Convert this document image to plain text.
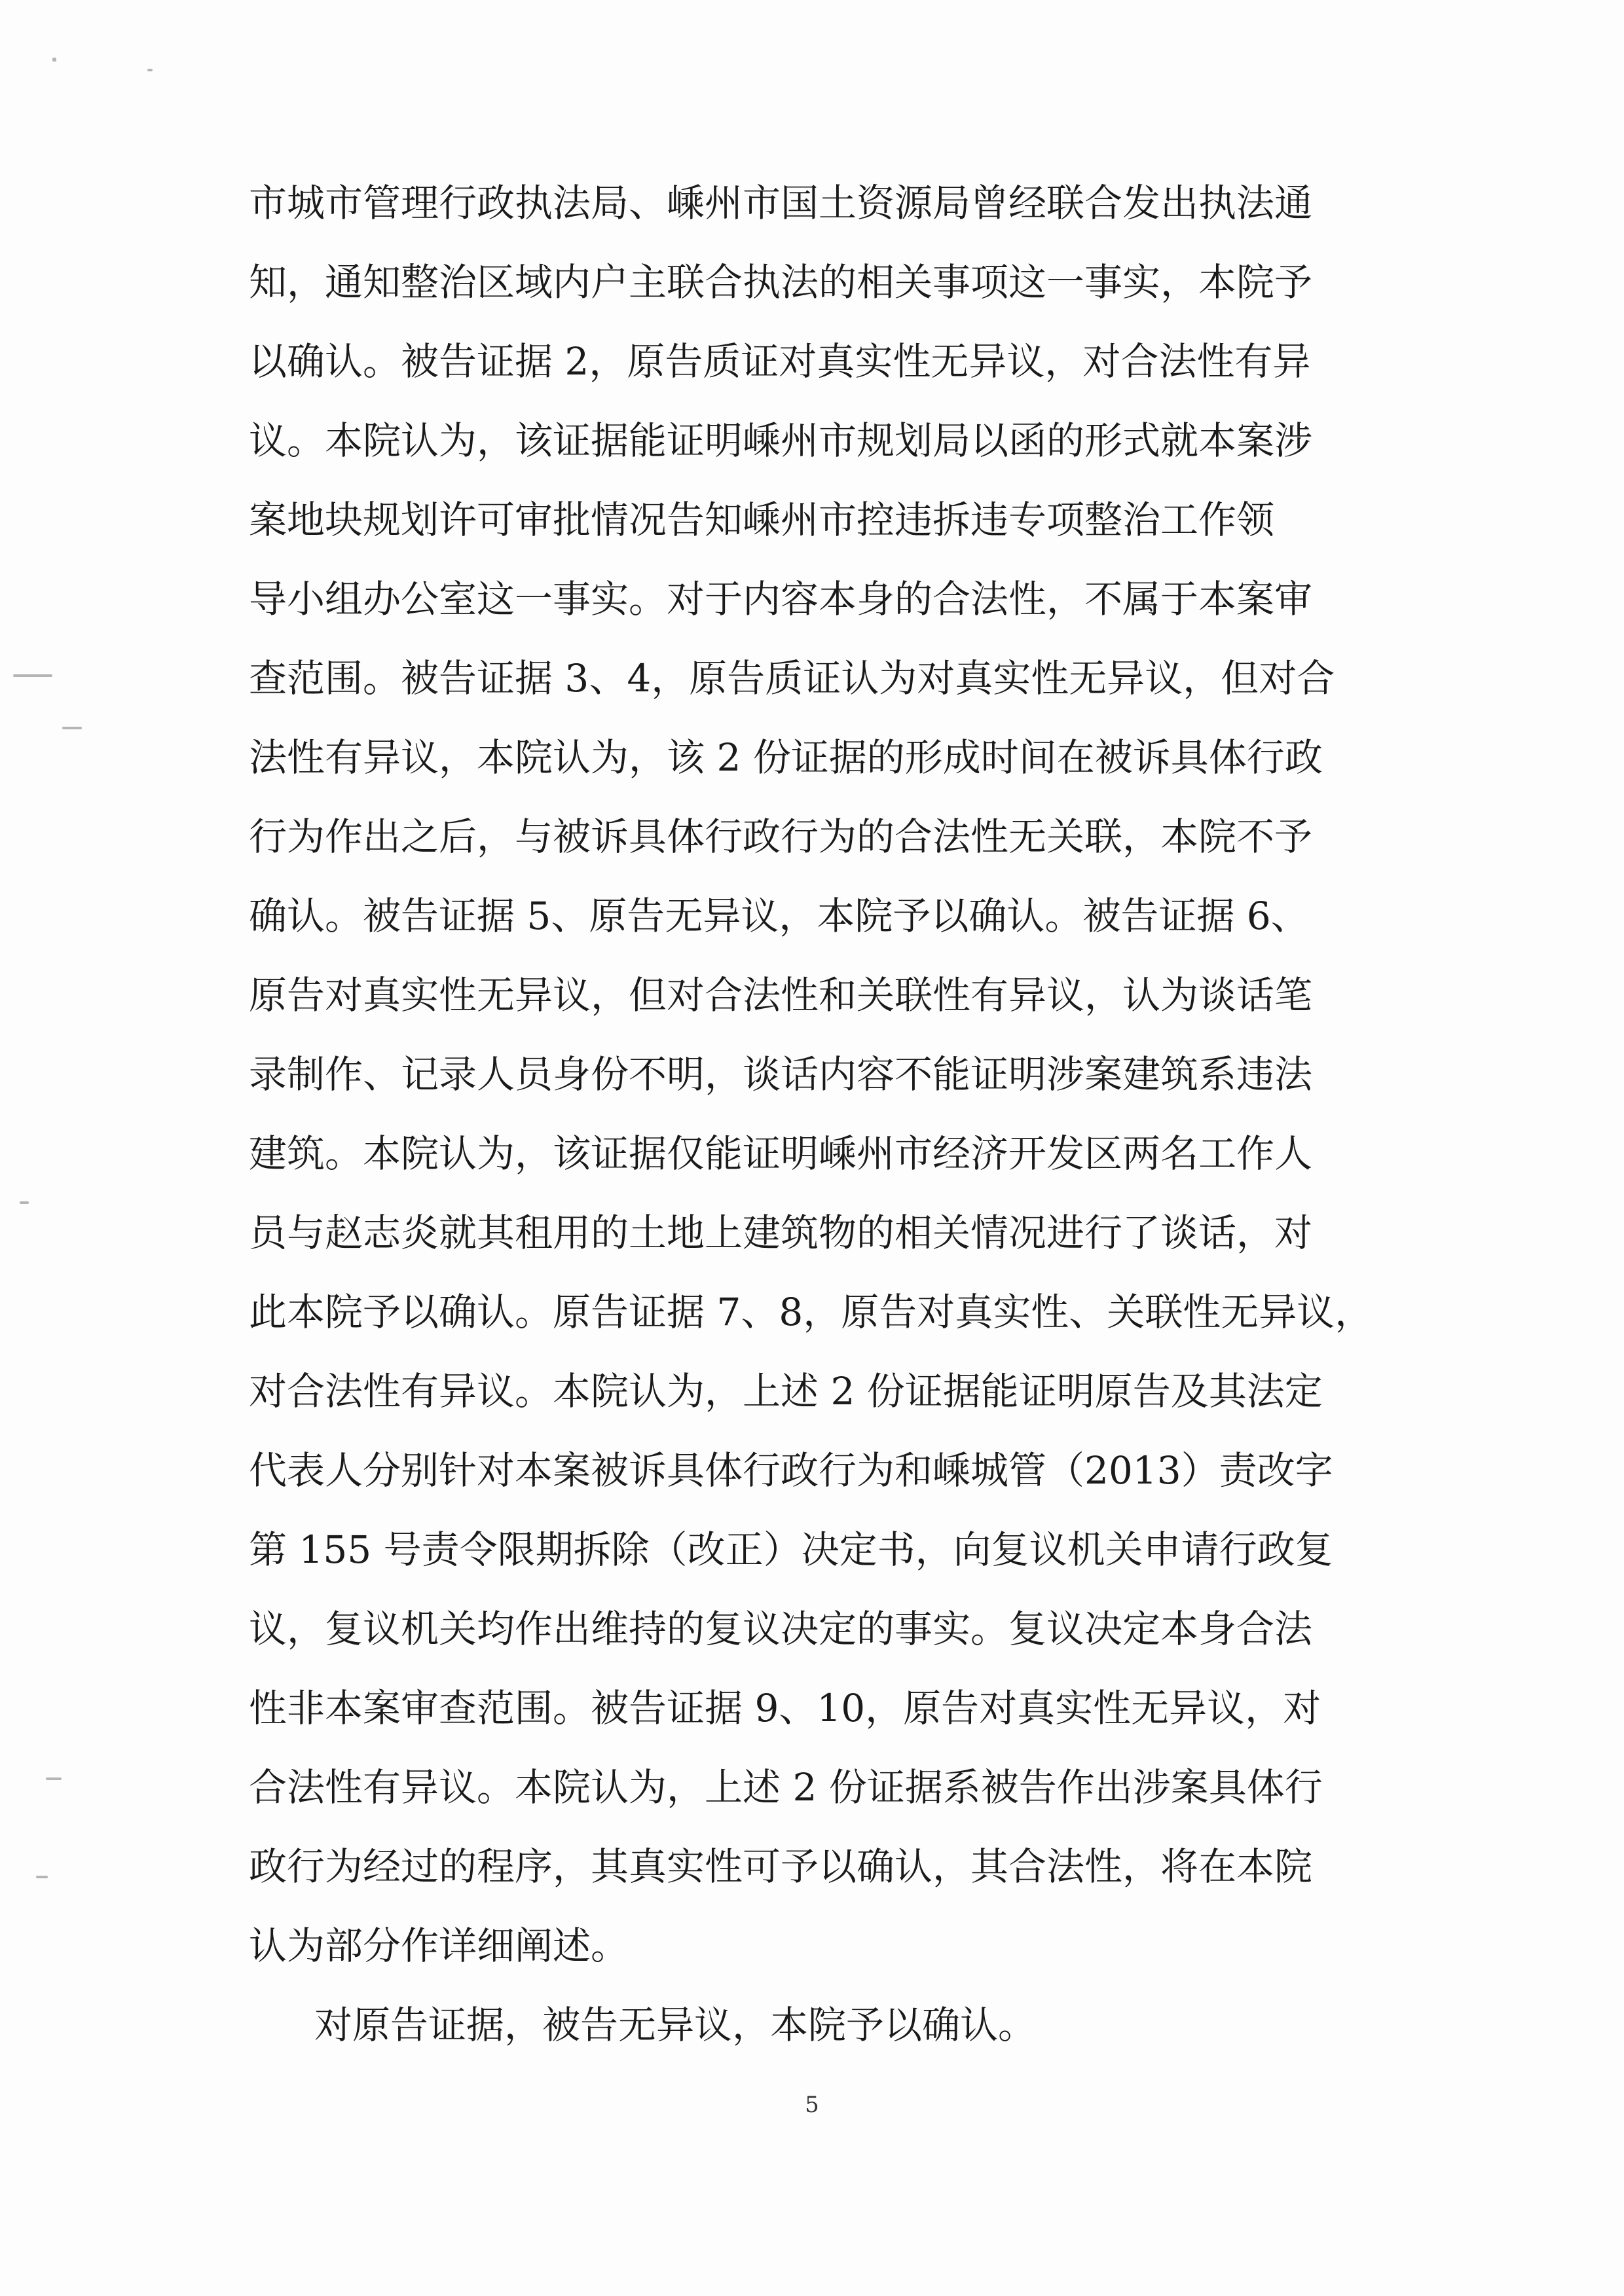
市城市管理行政执法局、嵊州市国土资源局曾经联合发出执法通
知，通知整治区域内户主联合执法的相关事项这一事实，本院予
以确认。被告证据 2，原告质证对真实性无异议，对合法性有异
议。本院认为，该证据能证明嵊州市规划局以函的形式就本案涉
案地块规划许可审批情况告知嵊州市控违拆违专项整治工作领
导小组办公室这一事实。对于内容本身的合法性，不属于本案审
查范围。被告证据 3、4，原告质证认为对真实性无异议，但对合
法性有异议，本院认为，该 2 份证据的形成时间在被诉具体行政
行为作出之后，与被诉具体行政行为的合法性无关联，本院不予
确认。被告证据 5、原告无异议，本院予以确认。被告证据 6、
原告对真实性无异议，但对合法性和关联性有异议，认为谈话笔
录制作、记录人员身份不明，谈话内容不能证明涉案建筑系违法
建筑。本院认为，该证据仅能证明嵊州市经济开发区两名工作人
员与赵志炎就其租用的土地上建筑物的相关情况进行了谈话，对
此本院予以确认。原告证据 7、8，原告对真实性、关联性无异议，
对合法性有异议。本院认为，上述 2 份证据能证明原告及其法定
代表人分别针对本案被诉具体行政行为和嵊城管（2013）责改字
第 155 号责令限期拆除（改正）决定书，向复议机关申请行政复
议，复议机关均作出维持的复议决定的事实。复议决定本身合法
性非本案审查范围。被告证据 9、10，原告对真实性无异议，对
合法性有异议。本院认为，上述 2 份证据系被告作出涉案具体行
政行为经过的程序，其真实性可予以确认，其合法性，将在本院
认为部分作详细阐述。
对原告证据，被告无异议，本院予以确认。
5
